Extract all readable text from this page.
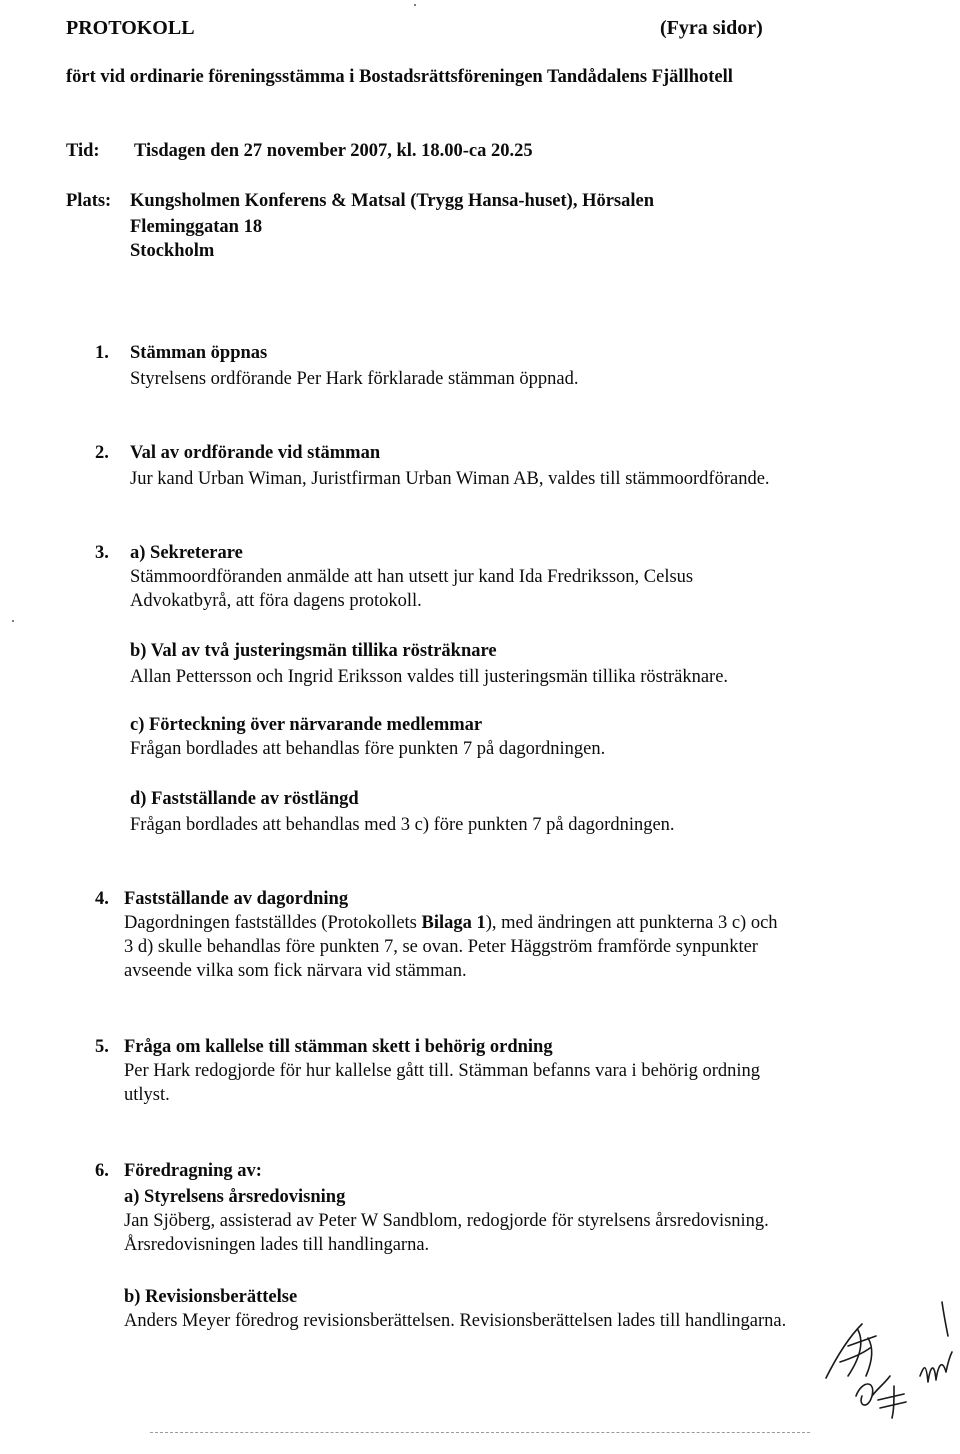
PROTOKOLL	(Fyra sidor)
fört vid ordinarie föreningsstämma i Bostadsrättsföreningen Tandådalens Fjällhotell
Tid: Tisdagen den 27 november 2007, kl. 18.00-ca 20.25
Plats: Kungsholmen Konferens & Matsal (Trygg Hansa-huset), Hörsalen
Fleminggatan 18
Stockholm
1. Stämman öppnas
Styrelsens ordförande Per Hark förklarade stämman öppnad.
2. Val av ordförande vid stämman
Jur kand Urban Wiman, Juristfirman Urban Wiman AB, valdes till stämmoordförande.
3. a) Sekreterare
Stämmoordföranden anmälde att han utsett jur kand Ida Fredriksson, Celsus
Advokatbyrå, att föra dagens protokoll.
b) Val av två justeringsmän tillika rösträknare
Allan Pettersson och Ingrid Eriksson valdes till justeringsmän tillika rösträknare.
c) Förteckning över närvarande medlemmar
Frågan bordlades att behandlas före punkten 7 på dagordningen.
d) Fastställande av röstlängd
Frågan bordlades att behandlas med 3 c) före punkten 7 på dagordningen.
4. Fastställande av dagordning
Dagordningen fastställdes (Protokollets Bilaga 1), med ändringen att punkterna 3 c) och
3 d) skulle behandlas före punkten 7, se ovan. Peter Häggström framförde synpunkter
avseende vilka som fick närvara vid stämman.
5. Fråga om kallelse till stämman skett i behörig ordning
Per Hark redogjorde för hur kallelse gått till. Stämman befanns vara i behörig ordning
utlyst.
6. Föredragning av:
a) Styrelsens årsredovisning
Jan Sjöberg, assisterad av Peter W Sandblom, redogjorde för styrelsens årsredovisning.
Årsredovisningen lades till handlingarna.
b) Revisionsberättelse
Anders Meyer föredrog revisionsberättelsen. Revisionsberättelsen lades till handlingarna.
